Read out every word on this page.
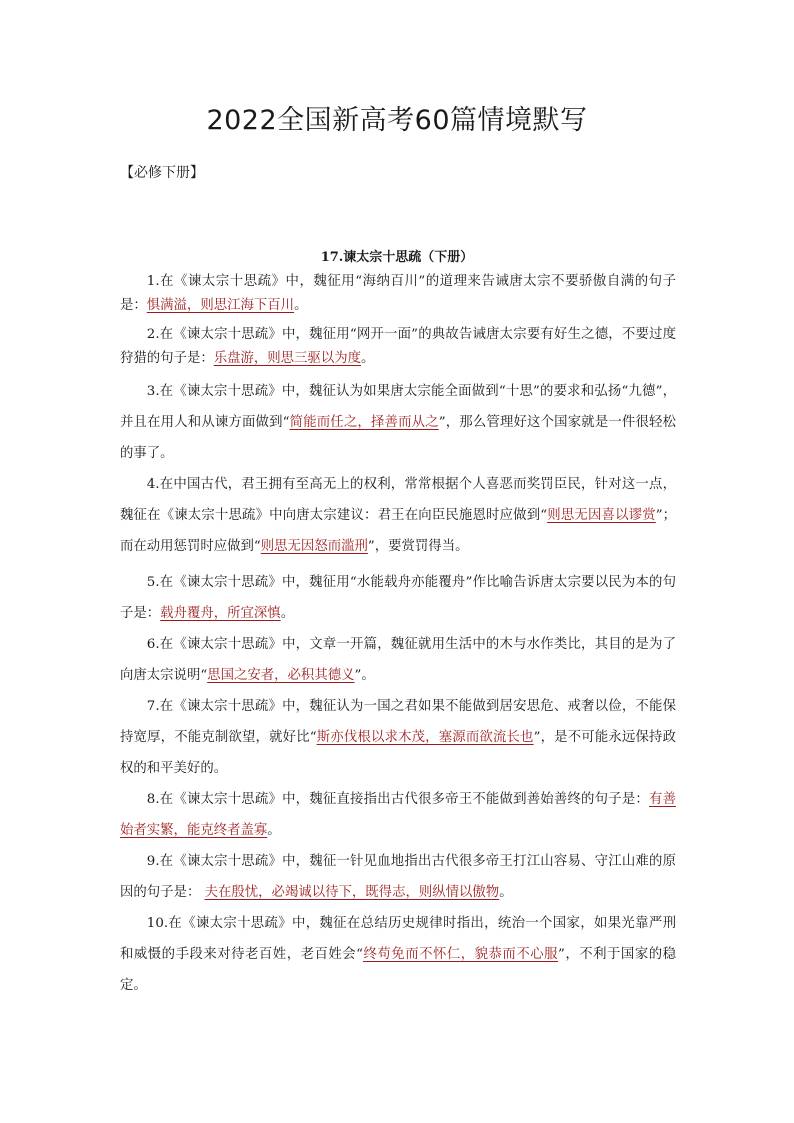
2022全国新高考60篇情境默写
【必修下册】
17.谏太宗十思疏（下册）

1.在《谏太宗十思疏》中，魏征用“海纳百川”的道理来告诫唐太宗不要骄傲自满的句子是：惧满溢，则思江海下百川。

2.在《谏太宗十思疏》中，魏征用“网开一面”的典故告诫唐太宗要有好生之德，不要过度狩猎的句子是：乐盘游，则思三驱以为度。

3.在《谏太宗十思疏》中，魏征认为如果唐太宗能全面做到“十思”的要求和弘扬“九德”，并且在用人和从谏方面做到“简能而任之，择善而从之”，那么管理好这个国家就是一件很轻松的事了。

4.在中国古代，君王拥有至高无上的权利，常常根据个人喜恶而奖罚臣民，针对这一点，魏征在《谏太宗十思疏》中向唐太宗建议：君王在向臣民施恩时应做到“则思无因喜以谬赏”；而在动用惩罚时应做到“则思无因怒而滥刑”，要赏罚得当。

5.在《谏太宗十思疏》中，魏征用“水能载舟亦能覆舟”作比喻告诉唐太宗要以民为本的句子是：载舟覆舟，所宜深慎。

6.在《谏太宗十思疏》中，文章一开篇，魏征就用生活中的木与水作类比，其目的是为了向唐太宗说明“思国之安者，必积其德义”。

7.在《谏太宗十思疏》中，魏征认为一国之君如果不能做到居安思危、戒奢以俭，不能保持宽厚，不能克制欲望，就好比“斯亦伐根以求木茂，塞源而欲流长也”，是不可能永远保持政权的和平美好的。

8.在《谏太宗十思疏》中，魏征直接指出古代很多帝王不能做到善始善终的句子是：有善始者实繁，能克终者盖寡。

9.在《谏太宗十思疏》中，魏征一针见血地指出古代很多帝王打江山容易、守江山难的原因的句子是： 夫在殷忧，必竭诚以待下，既得志，则纵情以傲物。

10.在《谏太宗十思疏》中，魏征在总结历史规律时指出，统治一个国家，如果光靠严刑和威慑的手段来对待老百姓，老百姓会“终苟免而不怀仁，貌恭而不心服”，不利于国家的稳定。
